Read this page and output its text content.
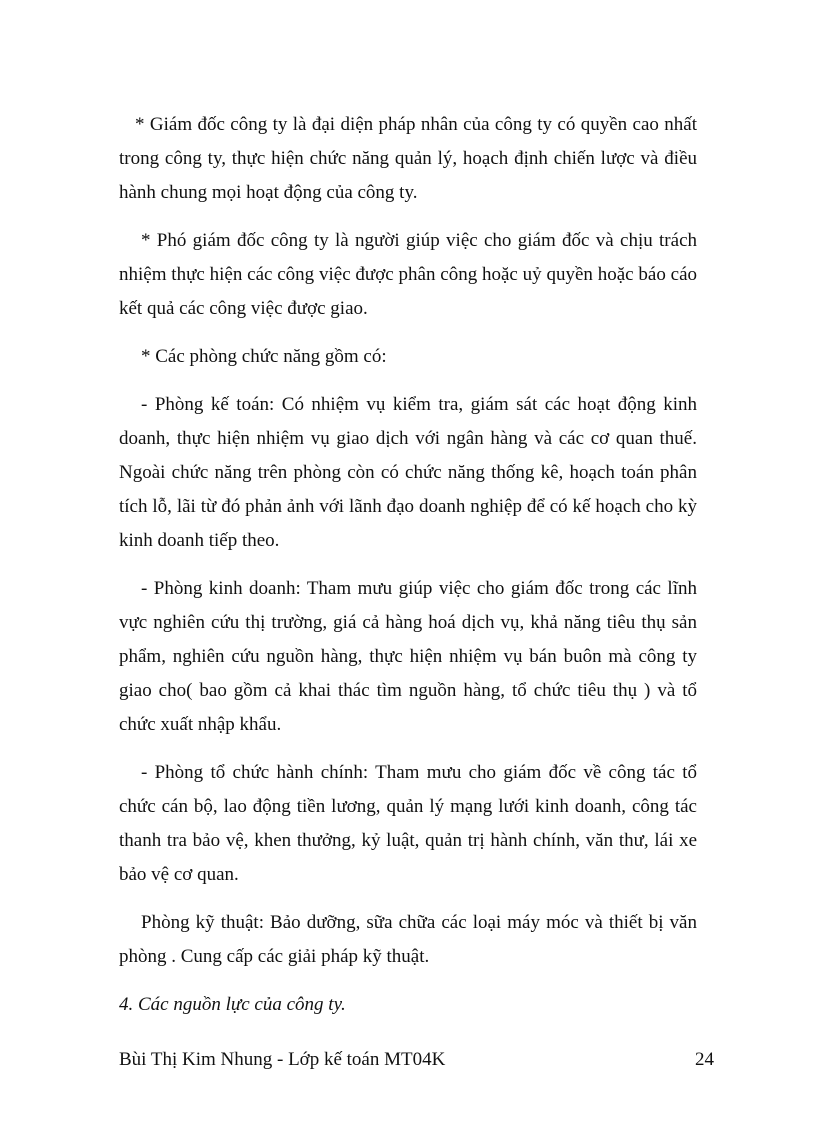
* Giám đốc công ty là đại diện pháp nhân của công ty có quyền cao nhất trong công ty, thực hiện chức năng quản lý, hoạch định chiến lược và điều hành chung mọi hoạt động của công ty.

* Phó giám đốc công ty là người giúp việc cho giám đốc và chịu trách nhiệm thực hiện các công việc được phân công hoặc uỷ quyền hoặc báo cáo kết quả các công việc được giao.

* Các phòng chức năng gồm có:

- Phòng kế toán: Có nhiệm vụ kiểm tra, giám sát các hoạt động kinh doanh, thực hiện nhiệm vụ giao dịch với ngân hàng và các cơ quan thuế. Ngoài chức năng trên phòng còn có chức năng thống kê, hoạch toán phân tích lỗ, lãi từ đó phản ảnh với lãnh đạo doanh nghiệp để có kế hoạch cho kỳ kinh doanh tiếp theo.

- Phòng kinh doanh: Tham mưu giúp việc cho giám đốc trong các lĩnh vực nghiên cứu thị trường, giá cả hàng hoá dịch vụ, khả năng tiêu thụ sản phẩm, nghiên cứu nguồn hàng, thực hiện nhiệm vụ bán buôn mà công ty giao cho( bao gồm cả khai thác tìm nguồn hàng, tổ chức tiêu thụ ) và tổ chức xuất nhập khẩu.

- Phòng tổ chức hành chính: Tham mưu cho giám đốc về công tác tổ chức cán bộ, lao động tiền lương, quản lý mạng lưới kinh doanh, công tác thanh tra bảo vệ, khen thưởng, kỷ luật, quản trị hành chính, văn thư, lái xe bảo vệ cơ quan.

Phòng kỹ thuật: Bảo dưỡng, sữa chữa các loại máy móc và thiết bị văn phòng . Cung cấp các giải pháp kỹ thuật.

4. Các nguồn lực của công ty.

Bùi Thị Kim Nhung - Lớp kế toán MT04K	24
